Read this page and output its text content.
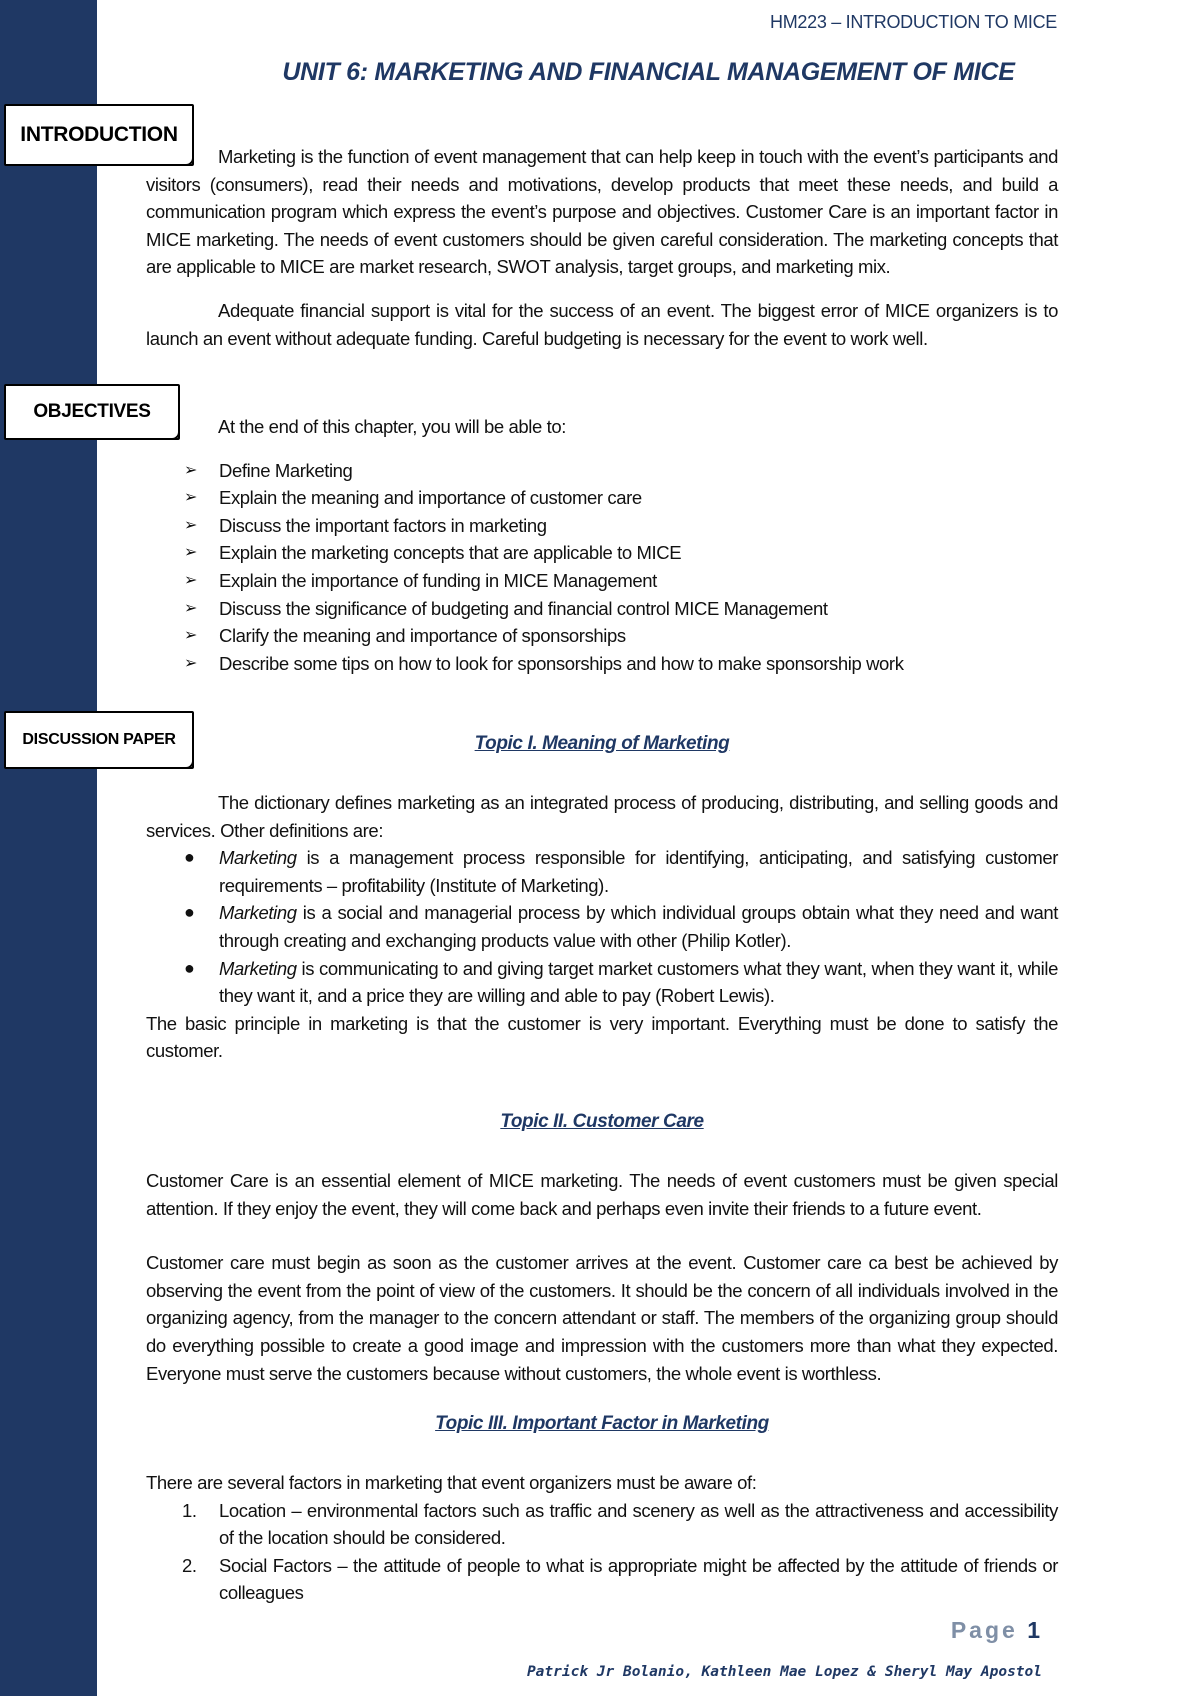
INTRODUCTION
OBJECTIVES
DISCUSSION PAPER
HM223 – INTRODUCTION TO MICE
UNIT 6: MARKETING AND FINANCIAL MANAGEMENT OF MICE

Marketing is the function of event management that can help keep in touch with the event’s participants and visitors (consumers), read their needs and motivations, develop products that meet these needs, and build a communication program which express the event’s purpose and objectives. Customer Care is an important factor in MICE marketing. The needs of event customers should be given careful consideration. The marketing concepts that are applicable to MICE are market research, SWOT analysis, target groups, and marketing mix.

Adequate financial support is vital for the success of an event. The biggest error of MICE organizers is to launch an event without adequate funding. Careful budgeting is necessary for the event to work well.

At the end of this chapter, you will be able to:

➢ Define Marketing
➢ Explain the meaning and importance of customer care
➢ Discuss the important factors in marketing
➢ Explain the marketing concepts that are applicable to MICE
➢ Explain the importance of funding in MICE Management
➢ Discuss the significance of budgeting and financial control MICE Management
➢ Clarify the meaning and importance of sponsorships
➢ Describe some tips on how to look for sponsorships and how to make sponsorship work
Topic I. Meaning of Marketing

The dictionary defines marketing as an integrated process of producing, distributing, and selling goods and services. Other definitions are:

● Marketing is a management process responsible for identifying, anticipating, and satisfying customer requirements – profitability (Institute of Marketing).
● Marketing is a social and managerial process by which individual groups obtain what they need and want through creating and exchanging products value with other (Philip Kotler).
● Marketing is communicating to and giving target market customers what they want, when they want it, while they want it, and a price they are willing and able to pay (Robert Lewis).

The basic principle in marketing is that the customer is very important. Everything must be done to satisfy the customer.

Topic II. Customer Care

Customer Care is an essential element of MICE marketing. The needs of event customers must be given special attention. If they enjoy the event, they will come back and perhaps even invite their friends to a future event.

Customer care must begin as soon as the customer arrives at the event. Customer care ca best be achieved by observing the event from the point of view of the customers. It should be the concern of all individuals involved in the organizing agency, from the manager to the concern attendant or staff. The members of the organizing group should do everything possible to create a good image and impression with the customers more than what they expected. Everyone must serve the customers because without customers, the whole event is worthless.

Topic III. Important Factor in Marketing

There are several factors in marketing that event organizers must be aware of:

1. Location – environmental factors such as traffic and scenery as well as the attractiveness and accessibility of the location should be considered.
2. Social Factors – the attitude of people to what is appropriate might be affected by the attitude of friends or colleagues
Page 1
Patrick Jr Bolanio, Kathleen Mae Lopez & Sheryl May Apostol
